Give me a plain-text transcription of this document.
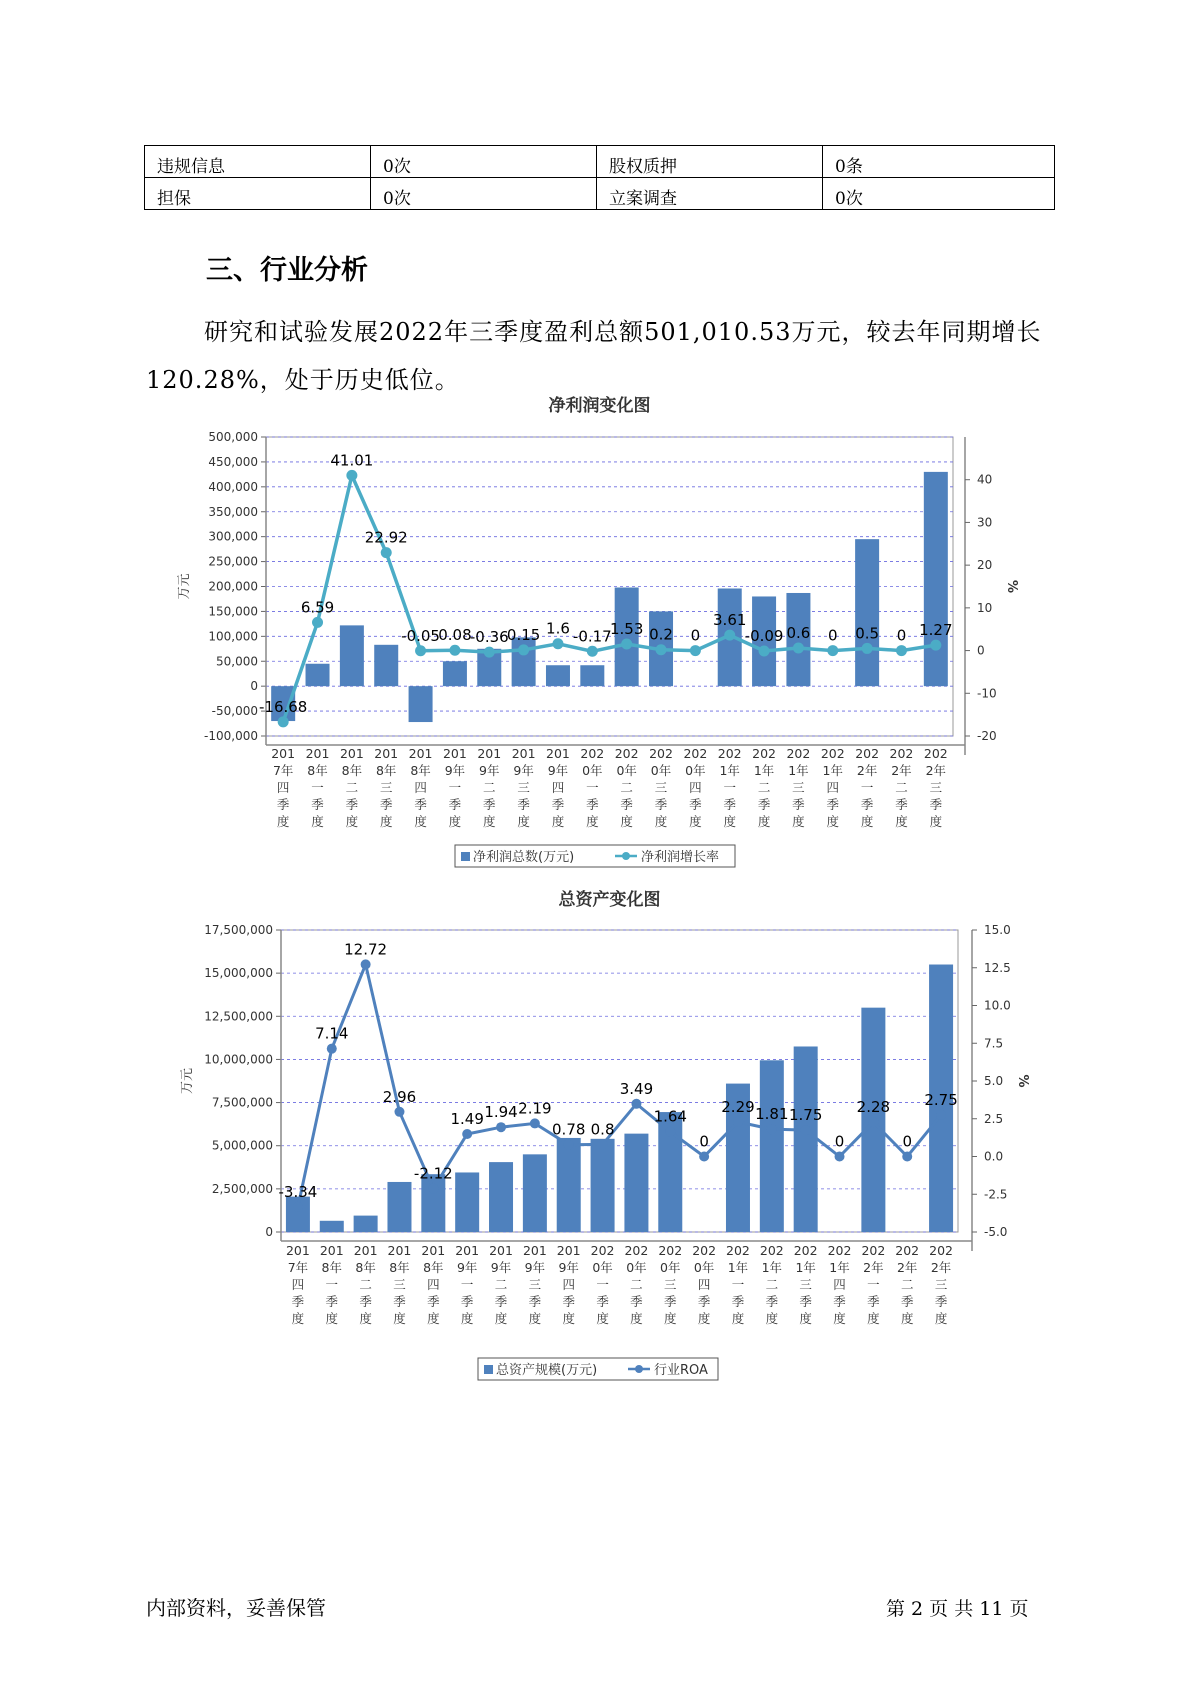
违规信息	0次	股权质押	0条
担保	0次	立案调查	0次
三、行业分析

研究和试验发展2022年三季度盈利总额501,010.53万元，较去年同期增长120.28%，处于历史低位。

净利润变化图
-100,000
-50,000
0
50,000
100,000
150,000
200,000
250,000
300,000
350,000
400,000
450,000
500,000
-20
-10
0
10
20
30
40
万元	%
201 7年四季度
201 8年一季度
201 8年二季度
201 8年三季度
201 8年四季度
201 9年一季度
201 9年二季度
201 9年三季度
201 9年四季度
202 0年一季度
202 0年二季度
202 0年三季度
202 0年四季度
202 1年一季度
202 1年二季度
202 1年三季度
202 1年四季度
202 2年一季度
202 2年二季度
202 2年三季度
-16.68
6.59
41.01
22.92
-0.05
0.08
-0.36
0.15 1.6 -0.17
1.53 0.2 0
3.61
-0.09 0.6 0 0.5 0 1.27
净利润总数(万元)	净利润增长率
总资产变化图
0
2,500,000
5,000,000
7,500,000
10,000,000
12,500,000
15,000,000
17,500,000
-5.0
-2.5
0.0
2.5
5.0
7.5
10.0
12.5
15.0
万元	%
201 7年四季度
201 8年一季度
201 8年二季度
201 8年三季度
201 8年四季度
201 9年一季度
201 9年二季度
201 9年三季度
201 9年四季度
202 0年一季度
202 0年二季度
202 0年三季度
202 0年四季度
202 1年一季度
202 1年二季度
202 1年三季度
202 1年四季度
202 2年一季度
202 2年二季度
202 2年三季度
-3.34
7.14
12.72
2.96
-2.12
1.49 1.94 2.19
0.78 0.8
3.49
1.64
0
2.29 1.81 1.75
0
2.28
0
2.75
总资产规模(万元)	行业ROA
内部资料，妥善保管	第 2 页 共 11 页
